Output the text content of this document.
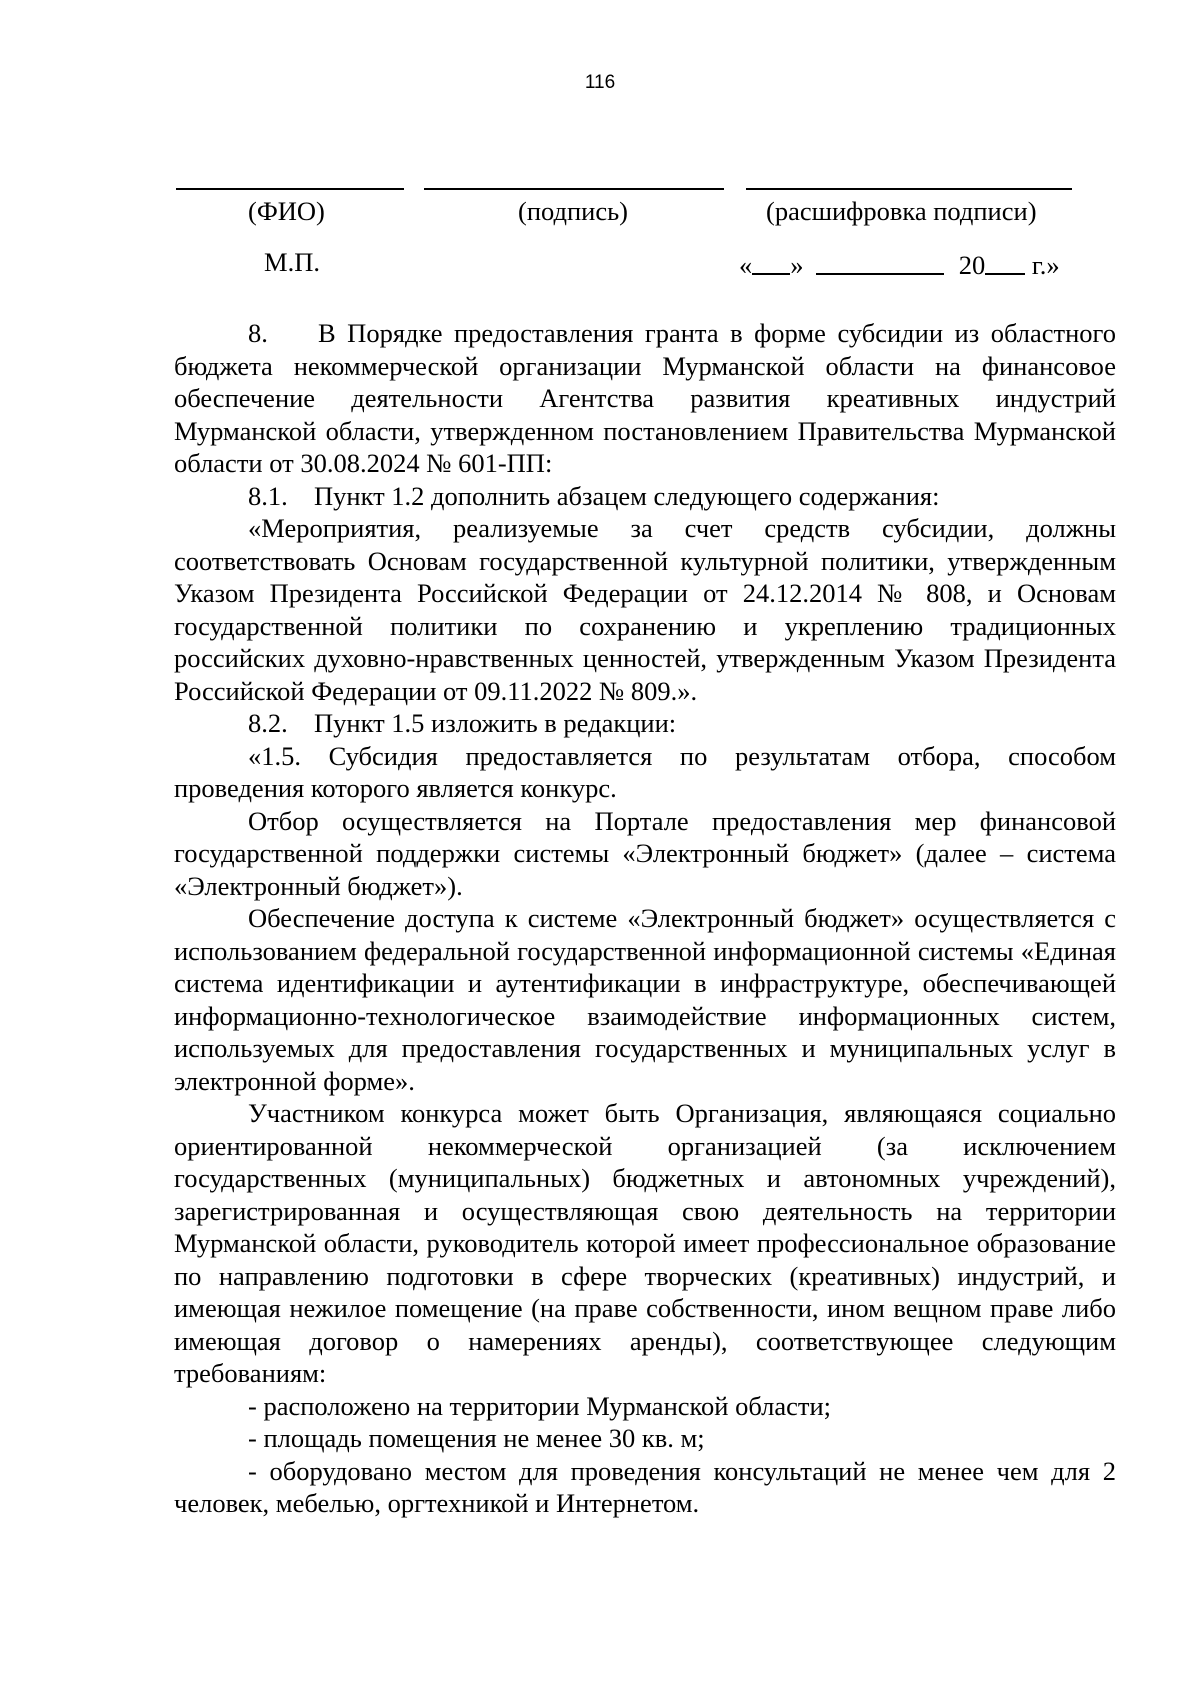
116
(ФИО)	(подпись)	(расшифровка подписи)
М.П.	« »	20 г.»

8. В Порядке предоставления гранта в форме субсидии из областного бюджета некоммерческой организации Мурманской области на финансовое обеспечение деятельности Агентства развития креативных индустрий Мурманской области, утвержденном постановлением Правительства Мурманской области от 30.08.2024 № 601-ПП:

8.1. Пункт 1.2 дополнить абзацем следующего содержания:

«Мероприятия, реализуемые за счет средств субсидии, должны соответствовать Основам государственной культурной политики, утвержденным Указом Президента Российской Федерации от 24.12.2014 № 808, и Основам государственной политики по сохранению и укреплению традиционных российских духовно-нравственных ценностей, утвержденным Указом Президента Российской Федерации от 09.11.2022 № 809.».

8.2. Пункт 1.5 изложить в редакции:

«1.5. Субсидия предоставляется по результатам отбора, способом проведения которого является конкурс.

Отбор осуществляется на Портале предоставления мер финансовой государственной поддержки системы «Электронный бюджет» (далее – система «Электронный бюджет»).

Обеспечение доступа к системе «Электронный бюджет» осуществляется с использованием федеральной государственной информационной системы «Единая система идентификации и аутентификации в инфраструктуре, обеспечивающей информационно-технологическое взаимодействие информационных систем, используемых для предоставления государственных и муниципальных услуг в электронной форме».

Участником конкурса может быть Организация, являющаяся социально ориентированной некоммерческой организацией (за исключением государственных (муниципальных) бюджетных и автономных учреждений), зарегистрированная и осуществляющая свою деятельность на территории Мурманской области, руководитель которой имеет профессиональное образование по направлению подготовки в сфере творческих (креативных) индустрий, и имеющая нежилое помещение (на праве собственности, ином вещном праве либо имеющая договор о намерениях аренды), соответствующее следующим требованиям:

- расположено на территории Мурманской области;

- площадь помещения не менее 30 кв. м;

- оборудовано местом для проведения консультаций не менее чем для 2 человек, мебелью, оргтехникой и Интернетом.
